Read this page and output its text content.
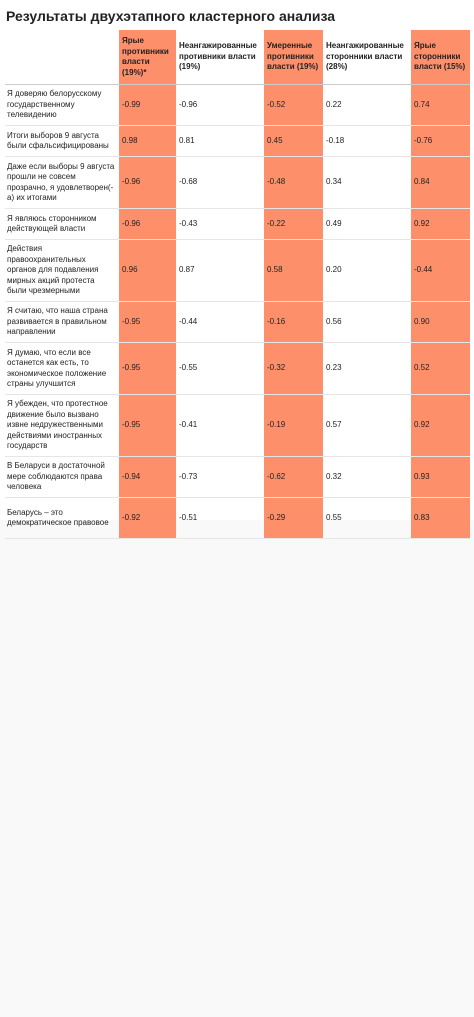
Результаты двухэтапного кластерного анализа
	Ярые противники власти (19%)*	Неангажированные противники власти (19%)	Умеренные противники власти (19%)	Неангажированные сторонники власти (28%)	Ярые сторонники власти (15%)
Я доверяю белорусскому государственному телевидению	-0.99	-0.96	-0.52	0.22	0.74
Итоги выборов 9 августа были сфальсифицированы	0.98	0.81	0.45	-0.18	-0.76
Даже если выборы 9 августа прошли не совсем прозрачно, я удовлетворен(-а) их итогами	-0.96	-0.68	-0.48	0.34	0.84
Я являюсь сторонником действующей власти	-0.96	-0.43	-0.22	0.49	0.92
Действия правоохранительных органов для подавления мирных акций протеста были чрезмерными	0.96	0.87	0.58	0.20	-0.44
Я считаю, что наша страна развивается в правильном направлении	-0.95	-0.44	-0.16	0.56	0.90
Я думаю, что если все останется как есть, то экономическое положение страны улучшится	-0.95	-0.55	-0.32	0.23	0.52
Я убежден, что протестное движение было вызвано извне недружественными действиями иностранных государств	-0.95	-0.41	-0.19	0.57	0.92
В Беларуси в достаточной мере соблюдаются права человека	-0.94	-0.73	-0.62	0.32	0.93
Беларусь – это демократическое правовое	-0.92	-0.51	-0.29	0.55	0.83
